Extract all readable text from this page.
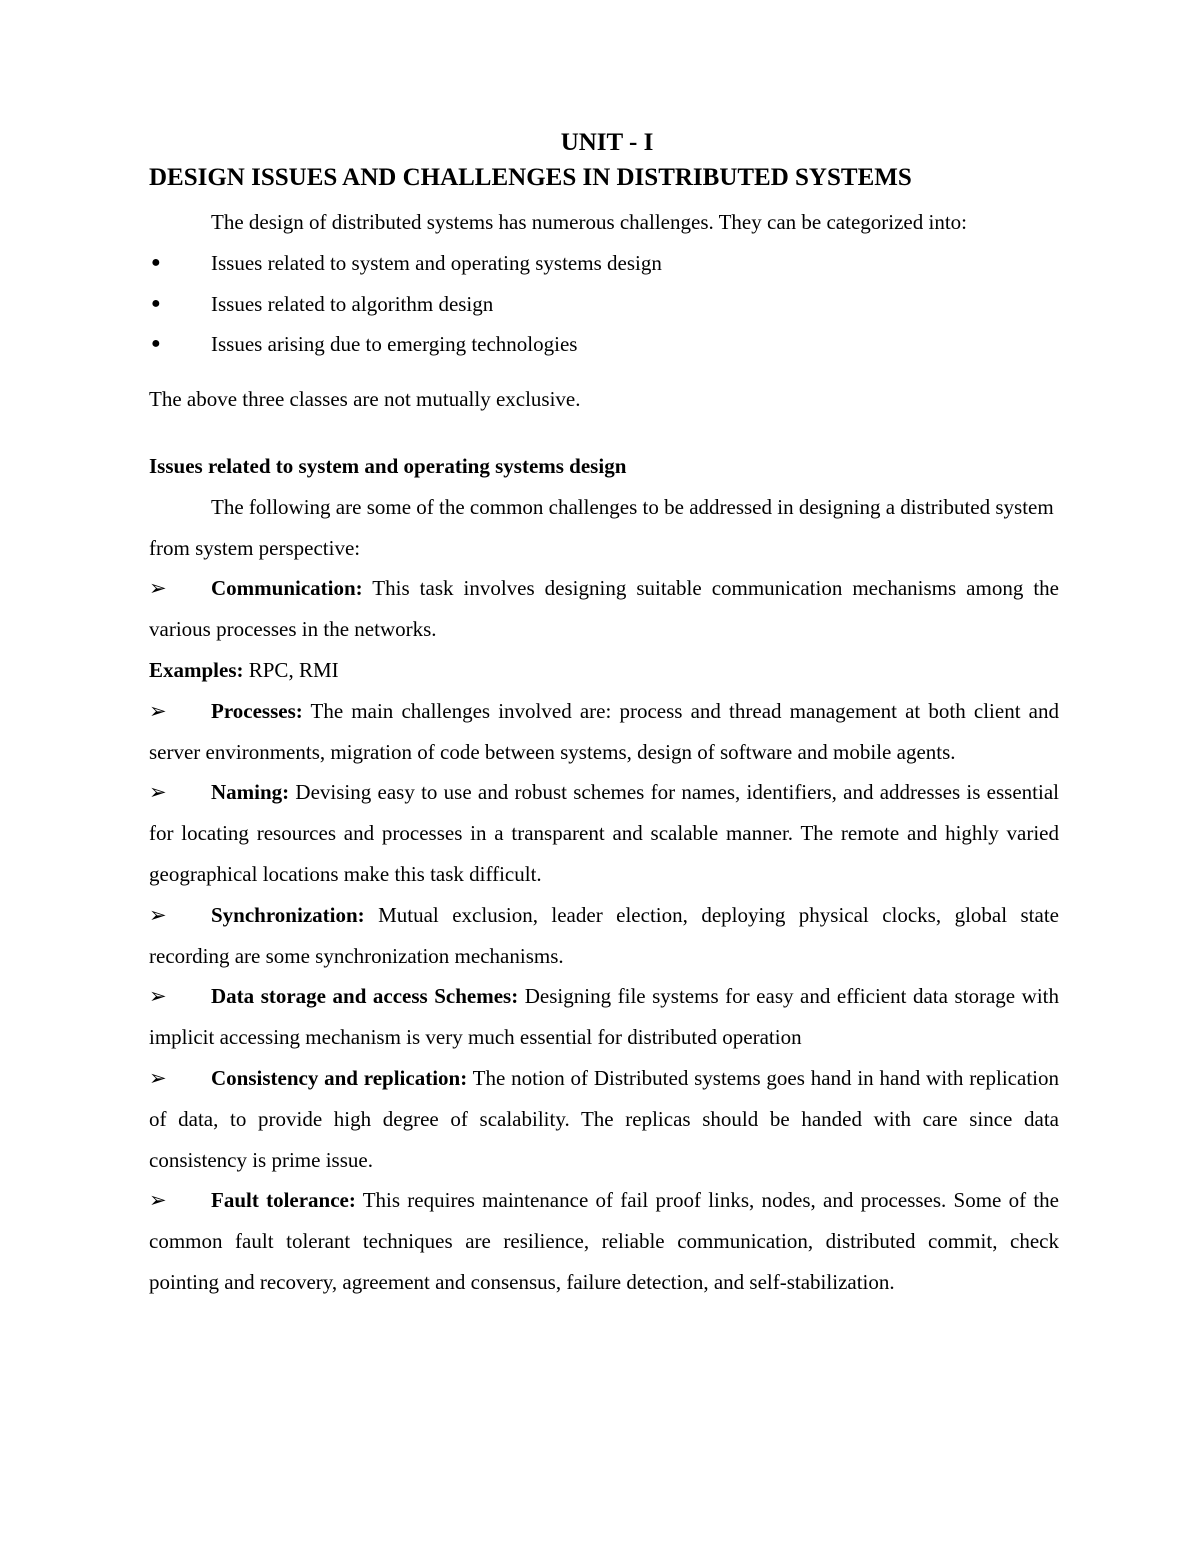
UNIT - I
DESIGN ISSUES AND CHALLENGES IN DISTRIBUTED SYSTEMS

The design of distributed systems has numerous challenges. They can be categorized into:

● Issues related to system and operating systems design
● Issues related to algorithm design
● Issues arising due to emerging technologies

The above three classes are not mutually exclusive.

Issues related to system and operating systems design

The following are some of the common challenges to be addressed in designing a distributed system from system perspective:

➢ Communication: This task involves designing suitable communication mechanisms among the various processes in the networks.

Examples: RPC, RMI

➢ Processes: The main challenges involved are: process and thread management at both client and server environments, migration of code between systems, design of software and mobile agents.

➢ Naming: Devising easy to use and robust schemes for names, identifiers, and addresses is essential for locating resources and processes in a transparent and scalable manner. The remote and highly varied geographical locations make this task difficult.

➢ Synchronization: Mutual exclusion, leader election, deploying physical clocks, global state recording are some synchronization mechanisms.

➢ Data storage and access Schemes: Designing file systems for easy and efficient data storage with implicit accessing mechanism is very much essential for distributed operation

➢ Consistency and replication: The notion of Distributed systems goes hand in hand with replication of data, to provide high degree of scalability. The replicas should be handed with care since data consistency is prime issue.

➢ Fault tolerance: This requires maintenance of fail proof links, nodes, and processes. Some of the common fault tolerant techniques are resilience, reliable communication, distributed commit, check pointing and recovery, agreement and consensus, failure detection, and self-stabilization.
